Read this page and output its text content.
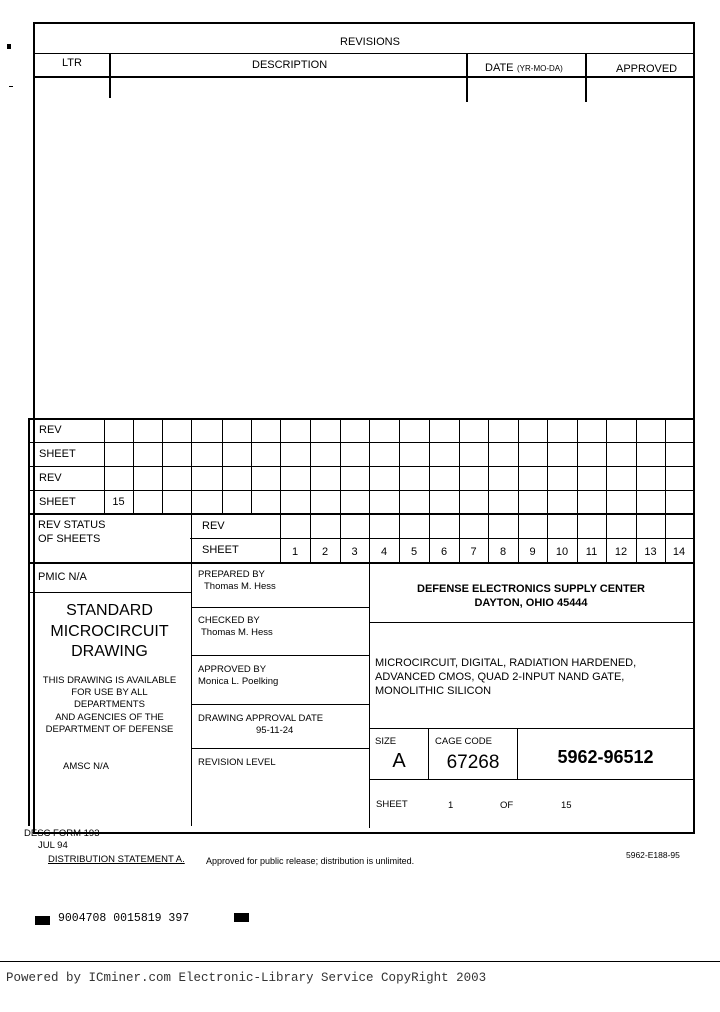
REVISIONS
LTR	DESCRIPTION	DATE (YR-MO-DA)	APPROVED
REV
SHEET
REV
SHEET	15
REV STATUS
OF SHEETS
REV
SHEET	1	2	3	4	5	6	7	8	9	10	11	12	13	14
PMIC N/A
STANDARD
MICROCIRCUIT
DRAWING
THIS DRAWING IS AVAILABLE
FOR USE BY ALL
DEPARTMENTS
AND AGENCIES OF THE
DEPARTMENT OF DEFENSE
AMSC N/A
PREPARED BY
Thomas M. Hess
CHECKED BY
Thomas M. Hess
APPROVED BY
Monica L. Poelking
DRAWING APPROVAL DATE
95-11-24
REVISION LEVEL
DEFENSE ELECTRONICS SUPPLY CENTER
DAYTON, OHIO 45444
MICROCIRCUIT, DIGITAL, RADIATION HARDENED,
ADVANCED CMOS, QUAD 2-INPUT NAND GATE,
MONOLITHIC SILICON
SIZE
A
CAGE CODE
67268	5962-96512
SHEET	1	OF	15
DESC FORM 193
JUL 94
DISTRIBUTION STATEMENT A. Approved for public release; distribution is unlimited.
5962-E188-95
9004708 0015819 397
Powered by ICminer.com Electronic-Library Service CopyRight 2003
